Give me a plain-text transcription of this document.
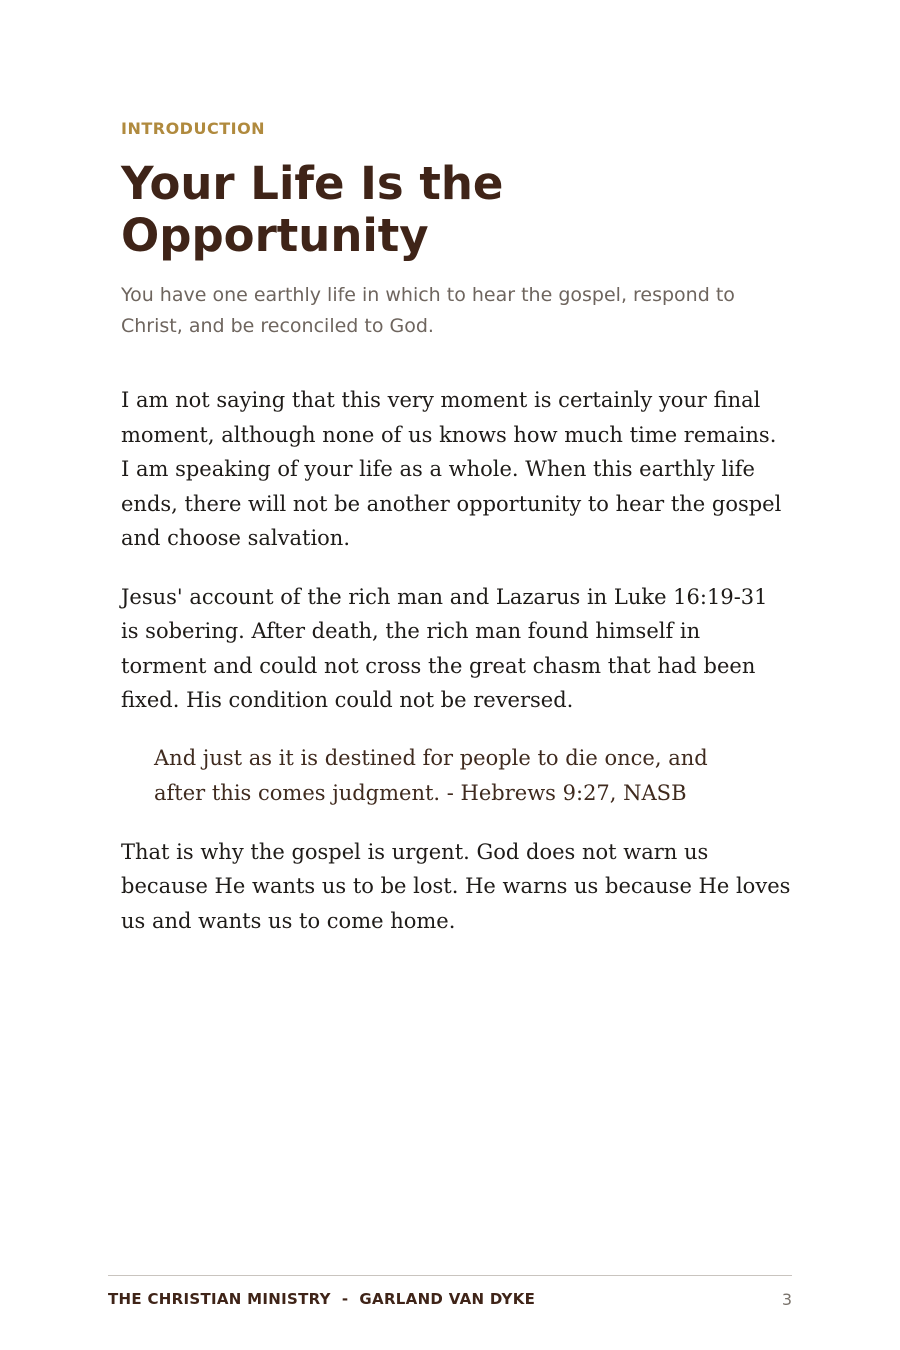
INTRODUCTION

Your Life Is the Opportunity

You have one earthly life in which to hear the gospel, respond to Christ, and be reconciled to God.

I am not saying that this very moment is certainly your final moment, although none of us knows how much time remains. I am speaking of your life as a whole. When this earthly life ends, there will not be another opportunity to hear the gospel and choose salvation.

Jesus' account of the rich man and Lazarus in Luke 16:19-31 is sobering. After death, the rich man found himself in torment and could not cross the great chasm that had been fixed. His condition could not be reversed.

And just as it is destined for people to die once, and after this comes judgment. - Hebrews 9:27, NASB

That is why the gospel is urgent. God does not warn us because He wants us to be lost. He warns us because He loves us and wants us to come home.

THE CHRISTIAN MINISTRY  -  GARLAND VAN DYKE	3
